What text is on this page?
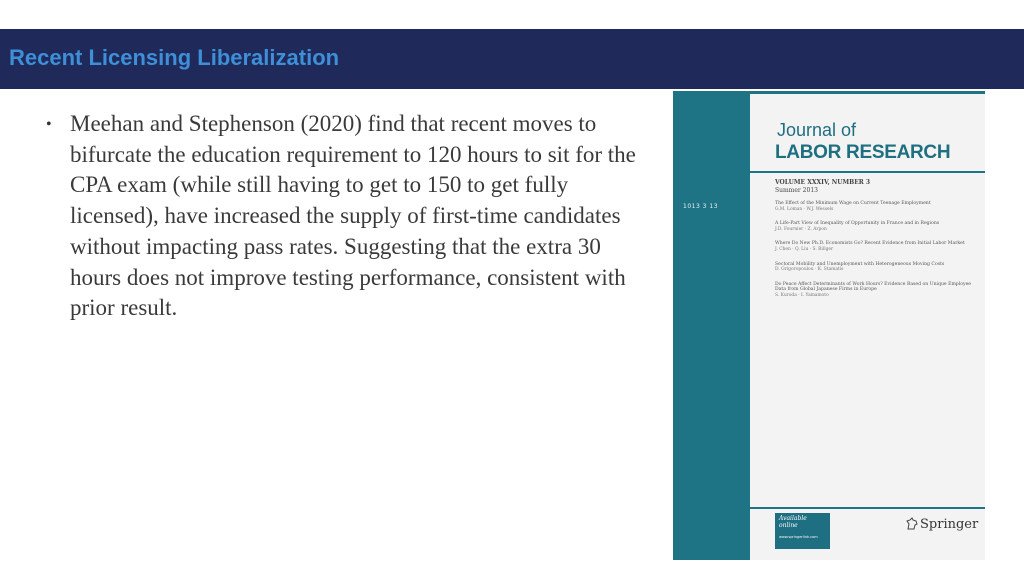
Recent Licensing Liberalization
• Meehan and Stephenson (2020) find that recent moves to bifurcate the education requirement to 120 hours to sit for the CPA exam (while still having to get to 150 to get fully licensed), have increased the supply of first-time candidates without impacting pass rates. Suggesting that the extra 30 hours does not improve testing performance, consistent with prior result.
1013 3 13
Journal of
LABOR RESEARCH
VOLUME XXXIV, NUMBER 3
Summer 2013
The Effect of the Minimum Wage on Current Teenage Employment
G.M. Loman · W.J. Wessels
A Life-Part View of Inequality of Opportunity in France and in Regions
J.D. Fournier · Z. Arpon
Where Do New Ph.D. Economists Go? Recent Evidence from Initial Labor Market
J. Chen · Q. Liu · S. Billger
Sectoral Mobility and Unemployment with Heterogeneous Moving Costs
D. Grigoropoulou · K. Stamatis
Do Peace Affect Determinants of Work Hours? Evidence Based on Unique Employee Data from Global Japanese Firms in Europe
S. Kuroda · I. Yamamoto
Available
online
www.springerlink.com
Springer
